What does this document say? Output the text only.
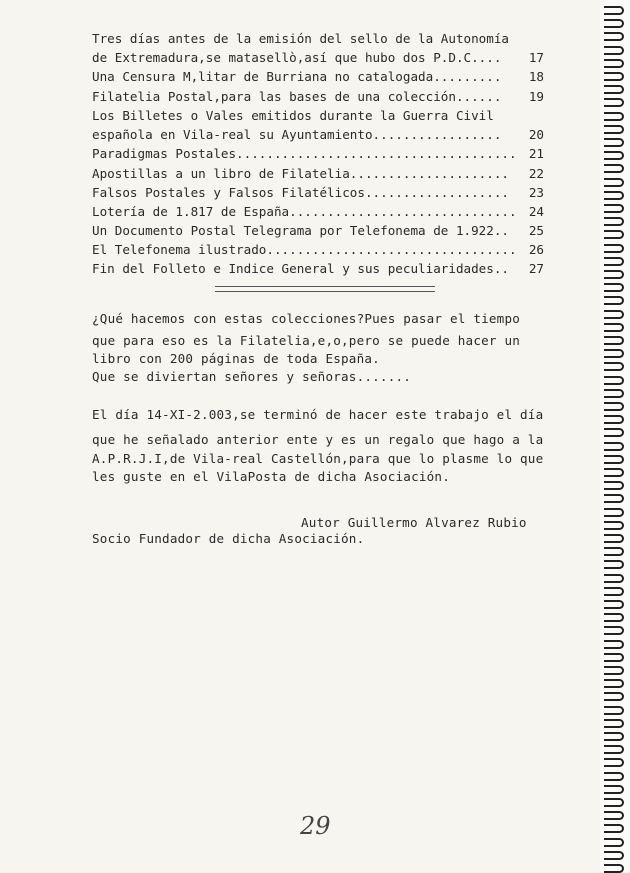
Tres días antes de la emisión del sello de la Autonomía
de Extremadura,se matasellò,así que hubo dos P.D.C....	17
Una Censura M,litar de Burriana no catalogada.........	18
Filatelia Postal,para las bases de una colección......	19
Los Billetes o Vales emitidos durante la Guerra Civil
española en Vila-real su Ayuntamiento.................	20
Paradigmas Postales..................................... 21
Apostillas a un libro de Filatelia.....................	22
Falsos Postales y Falsos Filatélicos...................	23
Lotería de 1.817 de España.............................. 24
Un Documento Postal Telegrama por Telefonema de 1.922..	25
El Telefonema ilustrado................................. 26
Fin del Folleto e Indice General y sus peculiaridades..	27
¿Qué hacemos con estas colecciones?Pues pasar el tiempo
que para eso es la Filatelia,e,o,pero se puede hacer un
libro con 200 páginas de toda España.
Que se diviertan señores y señoras.......
El día 14-XI-2.003,se terminó de hacer este trabajo el día
que he señalado anterior ente y es un regalo que hago a la
A.P.R.J.I,de Vila-real Castellón,para que lo plasme lo que
les guste en el VilaPosta de dicha Asociación.
Autor Guillermo Alvarez Rubio
Socio Fundador de dicha Asociación.
29
